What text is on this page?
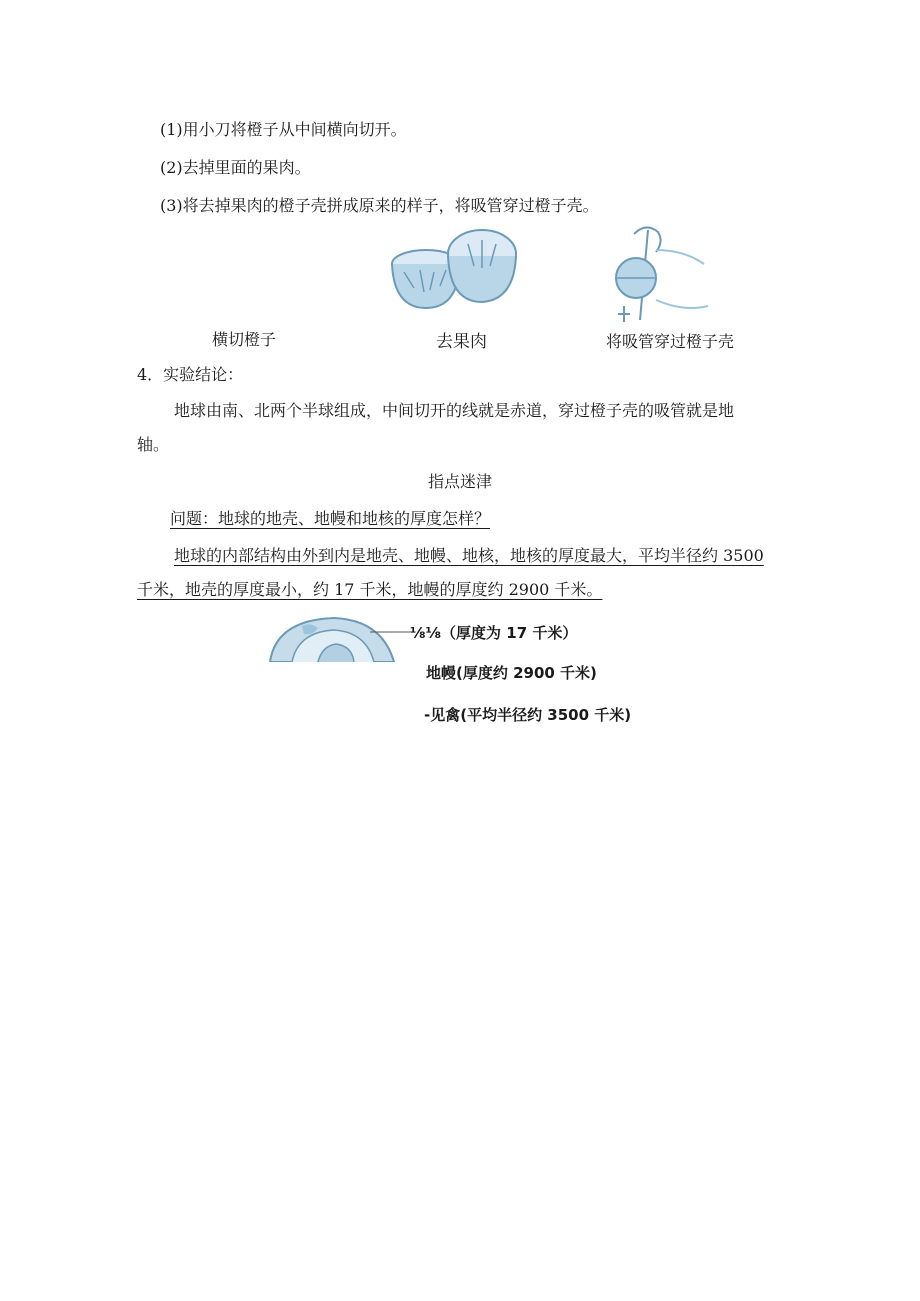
(1)用小刀将橙子从中间横向切开。
(2)去掉里面的果肉。
(3)将去掉果肉的橙子壳拼成原来的样子，将吸管穿过橙子壳。
横切橙子	去果肉	将吸管穿过橙子壳
4．实验结论：
地球由南、北两个半球组成，中间切开的线就是赤道，穿过橙子壳的吸管就是地
轴。
指点迷津
问题：地球的地壳、地幔和地核的厚度怎样？
地球的内部结构由外到内是地壳、地幔、地核，地核的厚度最大，平均半径约 3500
千米，地壳的厚度最小，约 17 千米，地幔的厚度约 2900 千米。
⅛⅛（厚度为 17 千米）
地幔(厚度约 2900 千米)
-见禽(平均半径约 3500 千米)
